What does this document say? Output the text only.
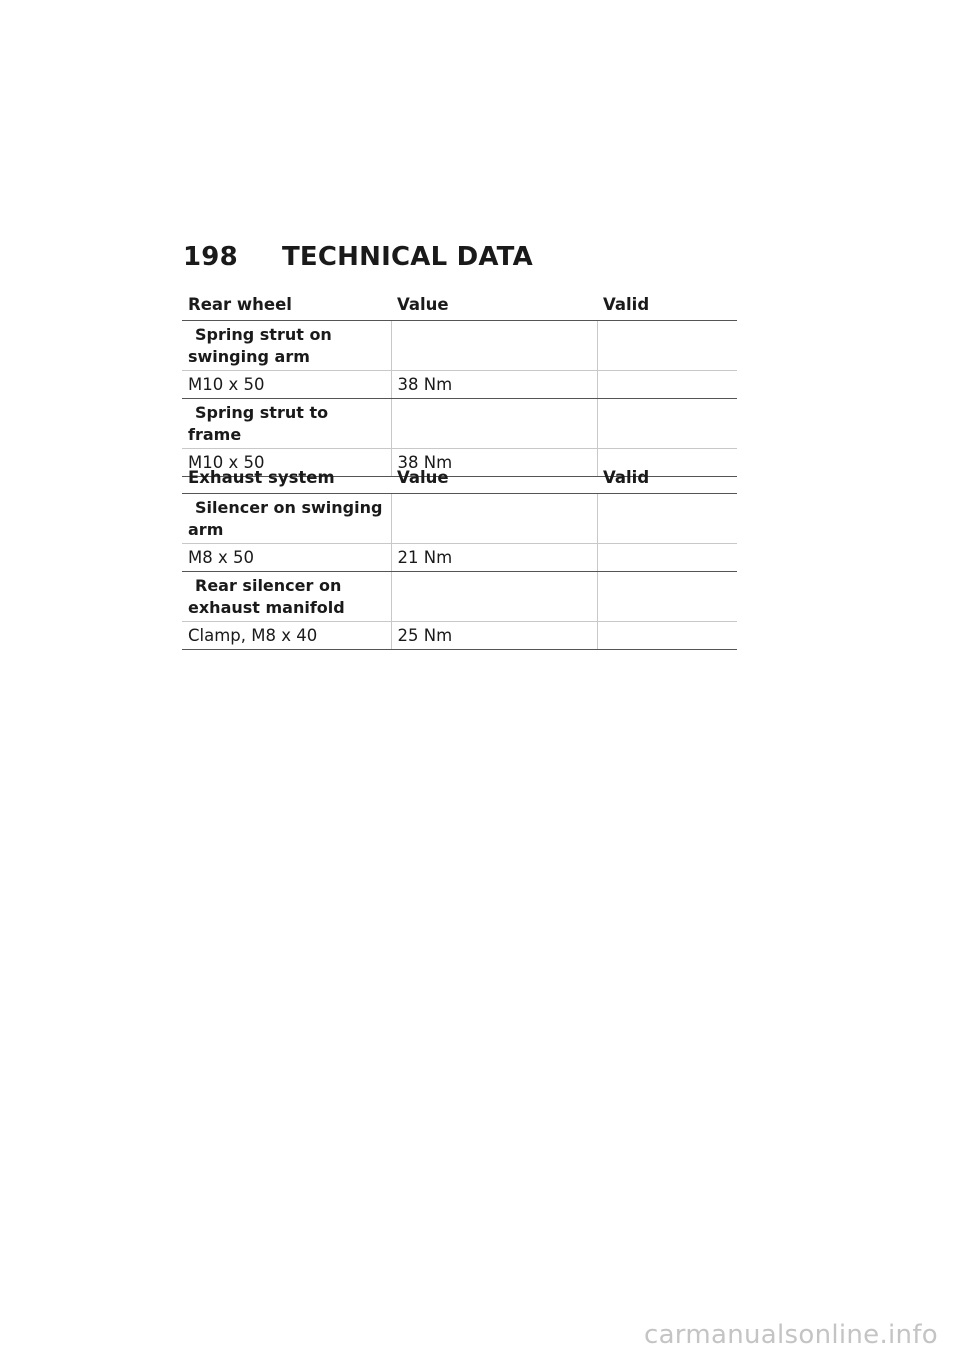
198	TECHNICAL DATA
Rear wheel	Value	Valid
Spring strut on swinging arm		
M10 x 50	38 Nm	
Spring strut to frame		
M10 x 50	38 Nm	
Exhaust system	Value	Valid
Silencer on swinging arm		
M8 x 50	21 Nm	
Rear silencer on exhaust manifold		
Clamp, M8 x 40	25 Nm	
carmanualsonline.info
